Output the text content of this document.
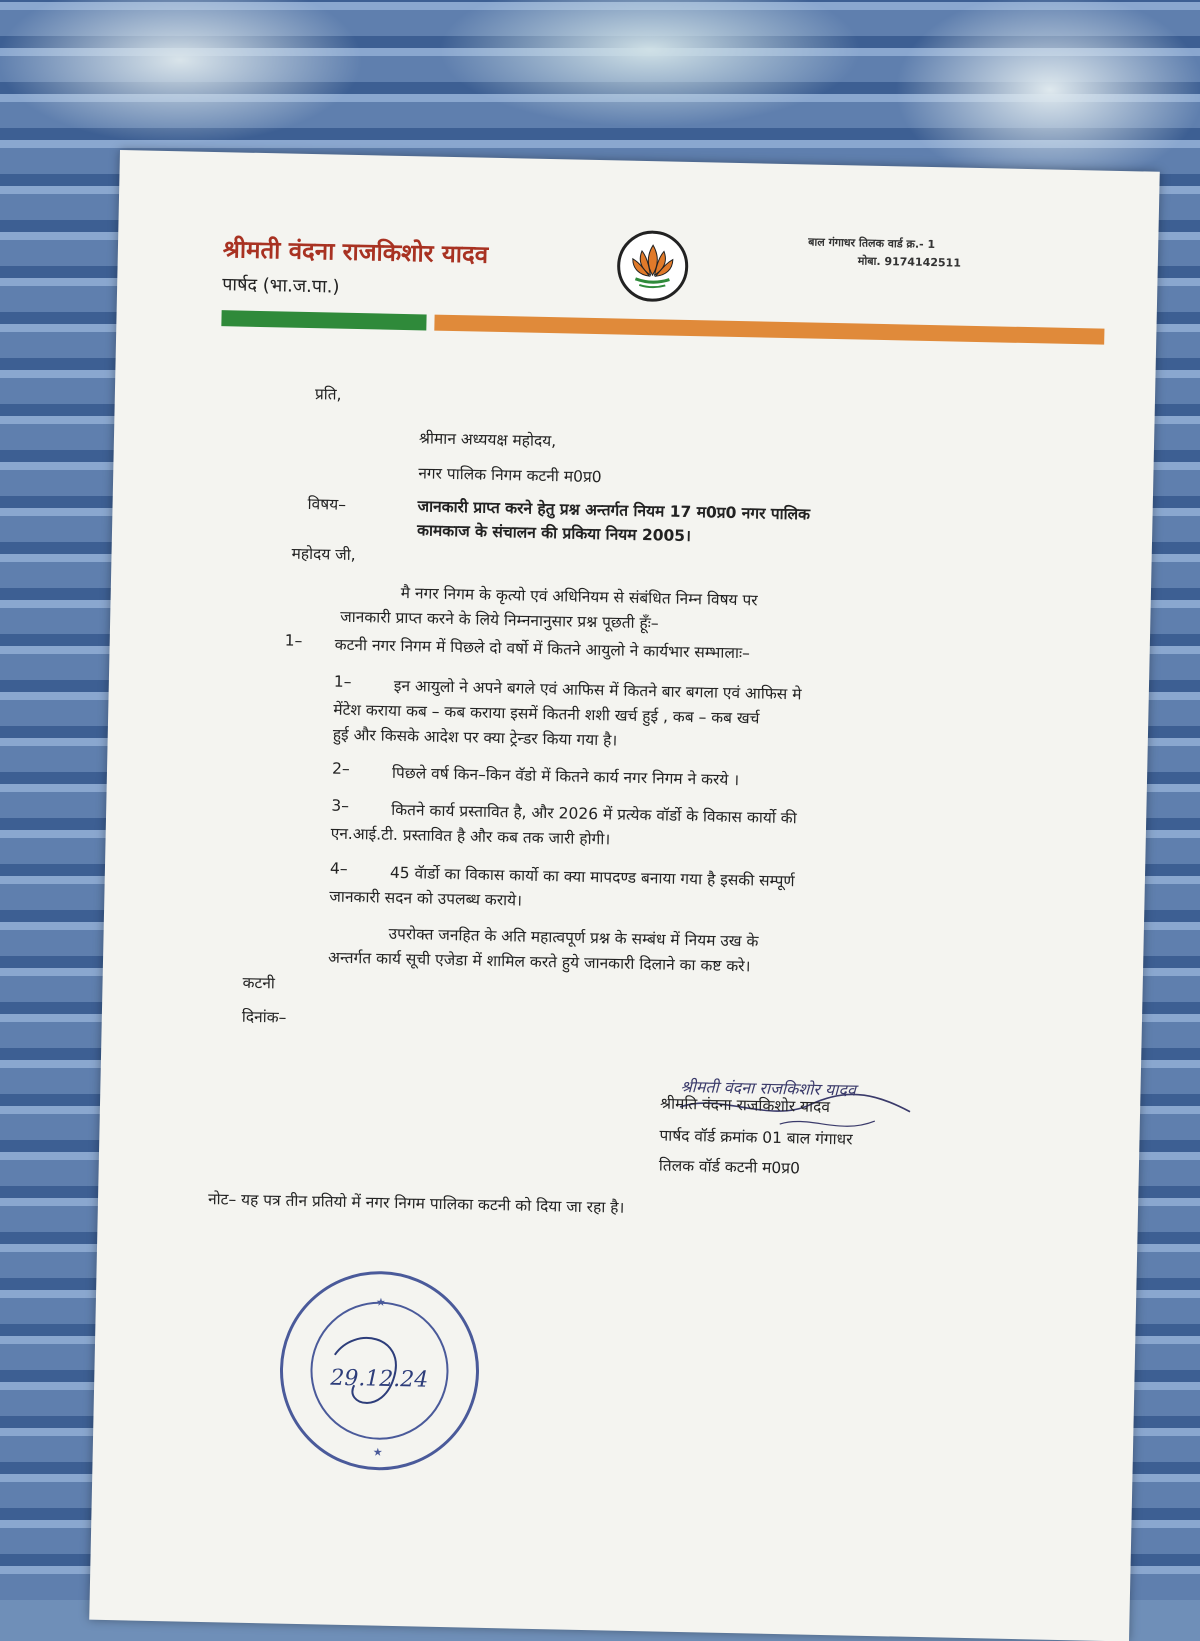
श्रीमती वंदना राजकिशोर यादव
पार्षद (भा.ज.पा.)
बाल गंगाधर तिलक वार्ड क्र.- 1
मोबा. 9174142511
प्रति,
श्रीमान अध्ययक्ष महोदय,
नगर पालिक निगम कटनी म0प्र0
विषय–	जानकारी प्राप्त करने हेतु प्रश्न अन्तर्गत नियम 17 म0प्र0 नगर पालिक
कामकाज के संचालन की प्रकिया नियम 2005।
महोदय जी,
मै नगर निगम के कृत्यो एवं अधिनियम से संबंधित निम्न विषय पर
जानकारी प्राप्त करने के लिये निम्ननानुसार प्रश्न पूछती हूँः–
1– कटनी नगर निगम में पिछले दो वर्षो में कितने आयुलो ने कार्यभार सम्भालाः–
1–	इन आयुलो ने अपने बगले एवं आफिस में कितने बार बगला एवं आफिस मे
मेंटेश कराया कब – कब कराया इसमें कितनी शशी खर्च हुई , कब – कब खर्च
हुई और किसके आदेश पर क्या ट्रेन्डर किया गया है।
2–	पिछले वर्ष किन–किन वॅडो में कितने कार्य नगर निगम ने करये ।
3–	कितने कार्य प्रस्तावित है, और 2026 में प्रत्येक वॉर्डो के विकास कार्यो की
एन.आई.टी. प्रस्तावित है और कब तक जारी होगी।
4–	45 वॅार्डो का विकास कार्यो का क्या मापदण्ड बनाया गया है इसकी सम्पूर्ण
जानकारी सदन को उपलब्ध कराये।
उपरोक्त जनहित के अति महात्वपूर्ण प्रश्न के सम्बंध में नियम उख के
अन्तर्गत कार्य सूची एजेडा में शामिल करते हुये जानकारी दिलाने का कष्ट करे।
कटनी
दिनांक–
श्रीमती वंदना राजकिशोर यादव
श्रीमति वंदना राजकिशोर यादव
पार्षद वॉर्ड क्रमांक 01 बाल गंगाधर
तिलक वॉर्ड कटनी म0प्र0
नोट– यह पत्र तीन प्रतियो में नगर निगम पालिका कटनी को दिया जा रहा है।
★
★
29.12.24
